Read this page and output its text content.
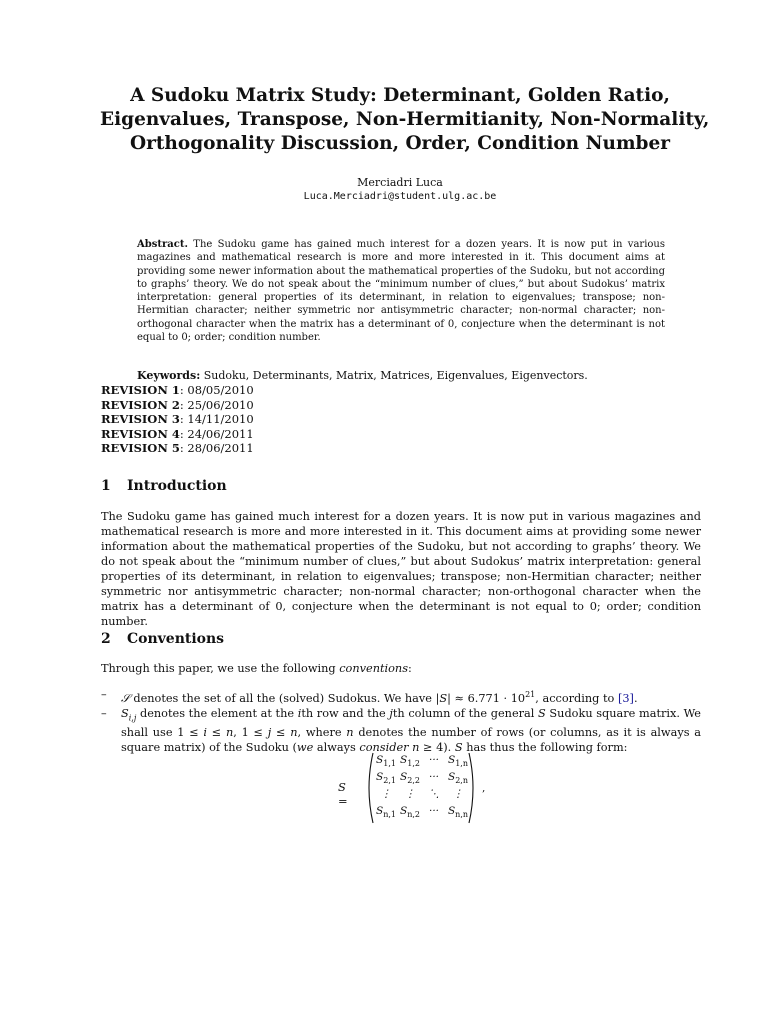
A Sudoku Matrix Study: Determinant, Golden Ratio,
Eigenvalues, Transpose, Non-Hermitianity, Non-Normality,
Orthogonality Discussion, Order, Condition Number
Merciadri Luca
Luca.Merciadri@student.ulg.ac.be
Abstract. The Sudoku game has gained much interest for a dozen years. It is now put in various magazines and mathematical research is more and more interested in it. This document aims at providing some newer information about the mathematical properties of the Sudoku, but not according to graphs’ theory. We do not speak about the “minimum number of clues,” but about Sudokus’ matrix interpretation: general properties of its determinant, in relation to eigenvalues; transpose; non-Hermitian character; neither symmetric nor antisymmetric character; non-normal character; non-orthogonal character when the matrix has a determinant of 0, conjecture when the determinant is not equal to 0; order; condition number.
Keywords: Sudoku, Determinants, Matrix, Matrices, Eigenvalues, Eigenvectors.
REVISION 1: 08/05/2010
REVISION 2: 25/06/2010
REVISION 3: 14/11/2010
REVISION 4: 24/06/2011
REVISION 5: 28/06/2011
1 Introduction
The Sudoku game has gained much interest for a dozen years. It is now put in various magazines and mathematical research is more and more interested in it. This document aims at providing some newer information about the mathematical properties of the Sudoku, but not according to graphs’ theory. We do not speak about the “minimum number of clues,” but about Sudokus’ matrix interpretation: general properties of its determinant, in relation to eigenvalues; transpose; non-Hermitian character; neither symmetric nor antisymmetric character; non-normal character; non-orthogonal character when the matrix has a determinant of 0, conjecture when the determinant is not equal to 0; order; condition number.
2 Conventions
Through this paper, we use the following conventions:
– 𝒮 denotes the set of all the (solved) Sudokus. We have $|S| \approx 6.771 \cdot 10^{21}$, according to [3].
– $S_{i,j}$ denotes the element at the ith row and the jth column of the general S Sudoku square matrix. We shall use 1 ≤ i ≤ n, 1 ≤ j ≤ n, where n denotes the number of rows (or columns, as it is always a square matrix) of the Sudoku (we always consider n ≥ 4). S has thus the following form:
S =
$S_{1,1}$ $S_{1,2}$ ··· $S_{1,n}$
$S_{2,1}$ $S_{2,2}$ ··· $S_{2,n}$
⋮ ⋮ ⋱ ⋮
$S_{n,1}$ $S_{n,2}$ ··· $S_{n,n}$
,
